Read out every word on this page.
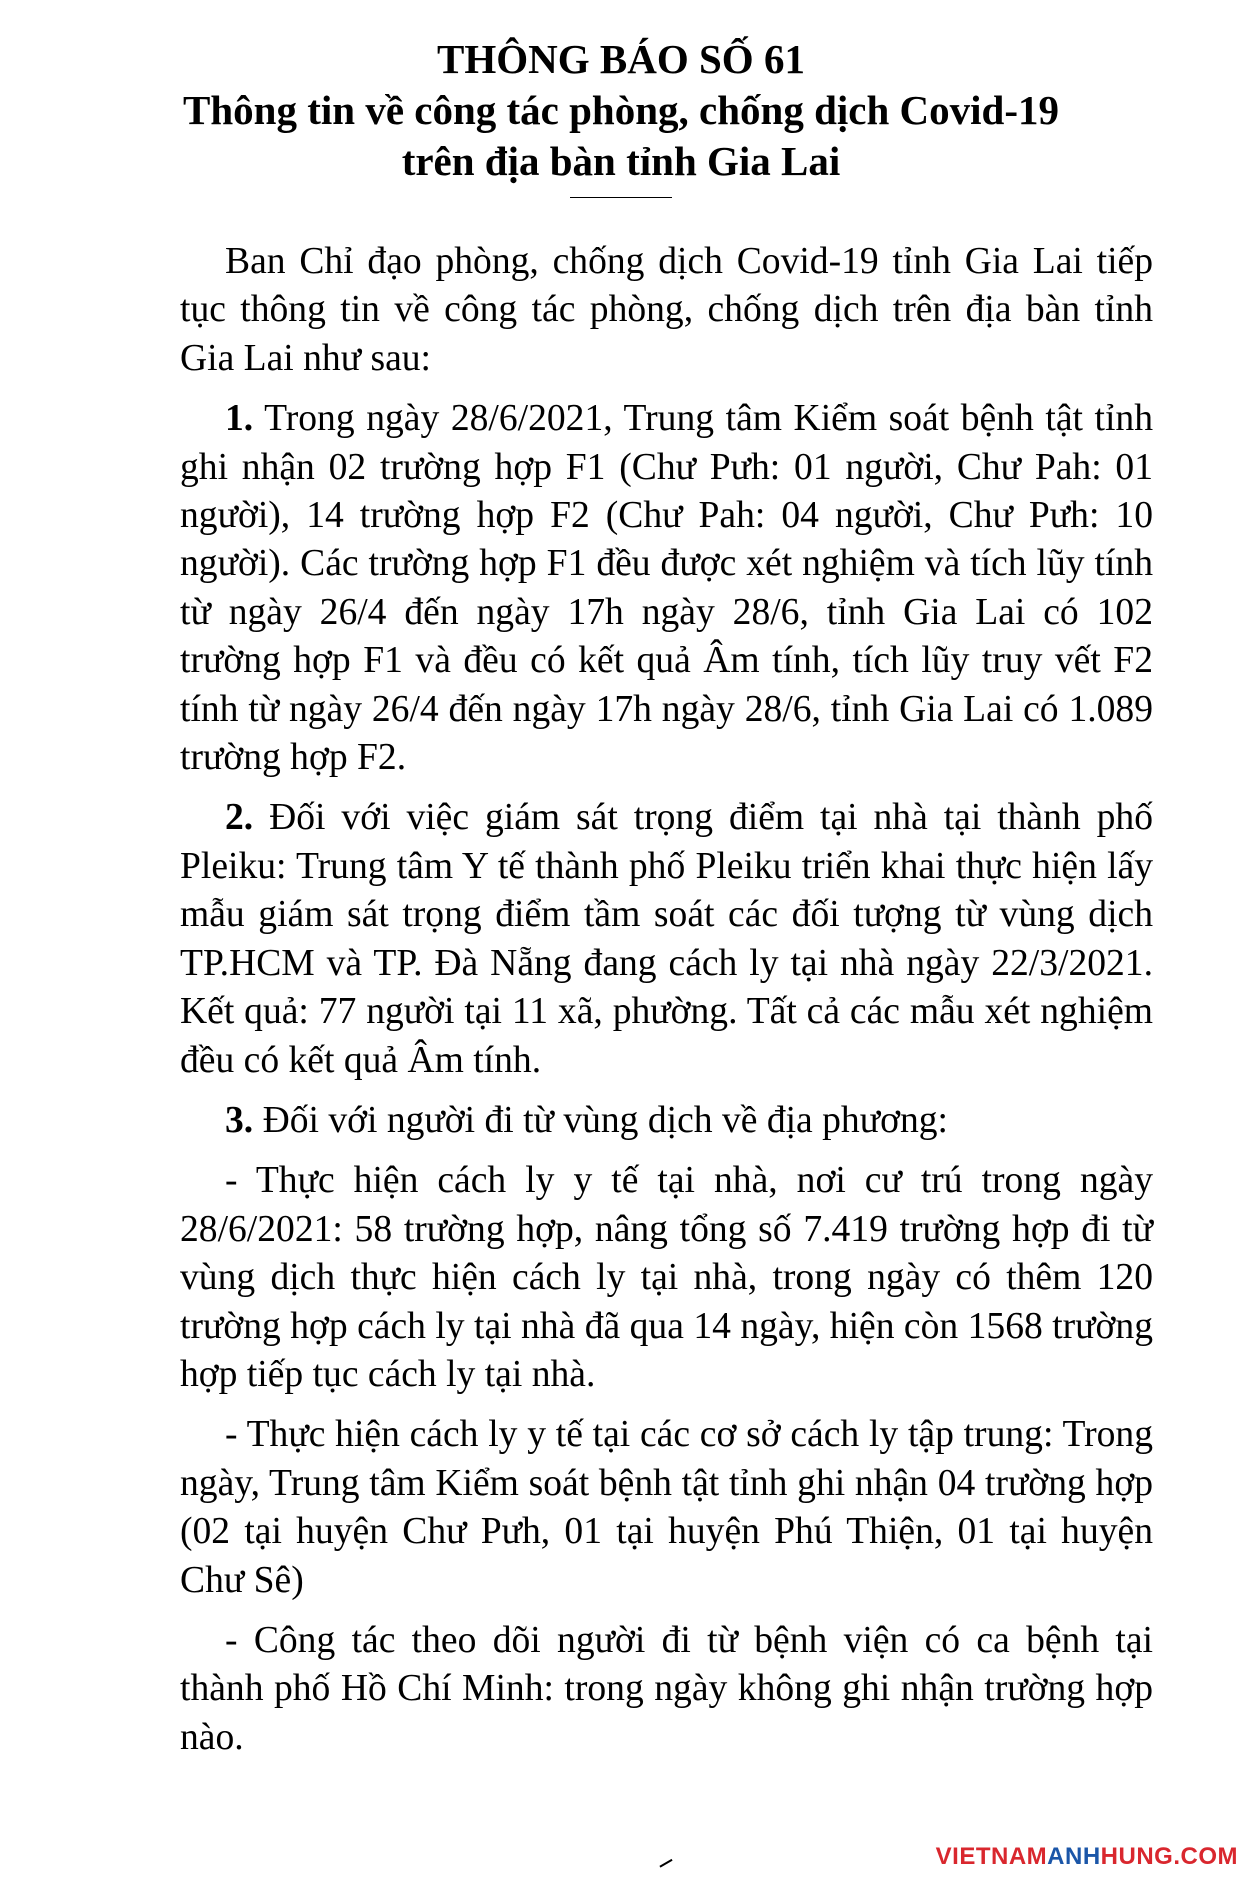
THÔNG BÁO SỐ 61
Thông tin về công tác phòng, chống dịch Covid-19
trên địa bàn tỉnh Gia Lai

Ban Chỉ đạo phòng, chống dịch Covid-19 tỉnh Gia Lai tiếp tục thông tin về công tác phòng, chống dịch trên địa bàn tỉnh Gia Lai như sau:

1. Trong ngày 28/6/2021, Trung tâm Kiểm soát bệnh tật tỉnh ghi nhận 02 trường hợp F1 (Chư Pưh: 01 người, Chư Pah: 01 người), 14 trường hợp F2 (Chư Pah: 04 người, Chư Pưh: 10 người). Các trường hợp F1 đều được xét nghiệm và tích lũy tính từ ngày 26/4 đến ngày 17h ngày 28/6, tỉnh Gia Lai có 102 trường hợp F1 và đều có kết quả Âm tính, tích lũy truy vết F2 tính từ ngày 26/4 đến ngày 17h ngày 28/6, tỉnh Gia Lai có 1.089 trường hợp F2.

2. Đối với việc giám sát trọng điểm tại nhà tại thành phố Pleiku: Trung tâm Y tế thành phố Pleiku triển khai thực hiện lấy mẫu giám sát trọng điểm tầm soát các đối tượng từ vùng dịch TP.HCM và TP. Đà Nẵng đang cách ly tại nhà ngày 22/3/2021. Kết quả: 77 người tại 11 xã, phường. Tất cả các mẫu xét nghiệm đều có kết quả Âm tính.

3. Đối với người đi từ vùng dịch về địa phương:

- Thực hiện cách ly y tế tại nhà, nơi cư trú trong ngày 28/6/2021: 58 trường hợp, nâng tổng số 7.419 trường hợp đi từ vùng dịch thực hiện cách ly tại nhà, trong ngày có thêm 120 trường hợp cách ly tại nhà đã qua 14 ngày, hiện còn 1568 trường hợp tiếp tục cách ly tại nhà.

- Thực hiện cách ly y tế tại các cơ sở cách ly tập trung: Trong ngày, Trung tâm Kiểm soát bệnh tật tỉnh ghi nhận 04 trường hợp (02 tại huyện Chư Pưh, 01 tại huyện Phú Thiện, 01 tại huyện Chư Sê)

- Công tác theo dõi người đi từ bệnh viện có ca bệnh tại thành phố Hồ Chí Minh: trong ngày không ghi nhận trường hợp nào.

VIETNAMANHHUNG.COM
